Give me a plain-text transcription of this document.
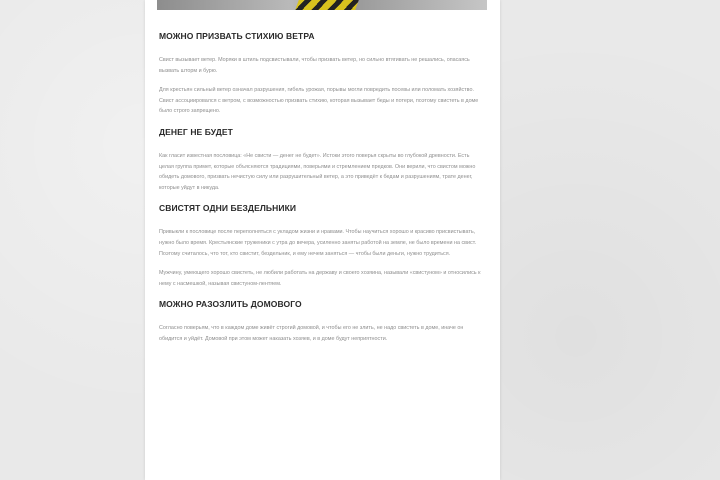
МОЖНО ПРИЗВАТЬ СТИХИЮ ВЕТРА

Свист вызывает ветер. Моряки в штиль подсвистывали, чтобы призвать ветер, но сильно втягивать не решались, опасаясь вызвать шторм и бурю.

Для крестьян сильный ветер означал разрушения, гибель урожая, порывы могли повредить посевы или поломать хозяйство. Свист ассоциировался с ветром, с возможностью призвать стихию, которая вызывает беды и потери, поэтому свистеть в доме было строго запрещено.

ДЕНЕГ НЕ БУДЕТ

Как гласит известная пословица: «Не свисти — денег не будет». Истоки этого поверья скрыты во глубокой древности. Есть целая группа примет, которые объясняются традициями, поверьями и стремлением предков. Они верили, что свистом можно обидеть домового, призвать нечистую силу или разрушительный ветер, а это приведёт к бедам и разрушениям, трате денег, которые уйдут в никуда.

СВИСТЯТ ОДНИ БЕЗДЕЛЬНИКИ

Привыкли к пословице после переполняться с укладом жизни и нравами. Чтобы научиться хорошо и красиво присвистывать, нужно было время. Крестьянские труженики с утра до вечера, усиленно заняты работой на земле, не было времени на свист. Поэтому считалось, что тот, кто свистит, бездельник, и ему нечем заняться — чтобы были деньги, нужно трудиться.

Мужчину, умеющего хорошо свистеть, не любили работать на державу и своего хозяина, называли «свистуном» и относились к нему с насмешкой, называя свистуном-лентяем.

МОЖНО РАЗОЗЛИТЬ ДОМОВОГО

Согласно поверьям, что в каждом доме живёт строгий домовой, и чтобы его не злить, не надо свистеть в доме, иначе он обидится и уйдёт. Домовой при этом может наказать хозяев, и в доме будут неприятности.
